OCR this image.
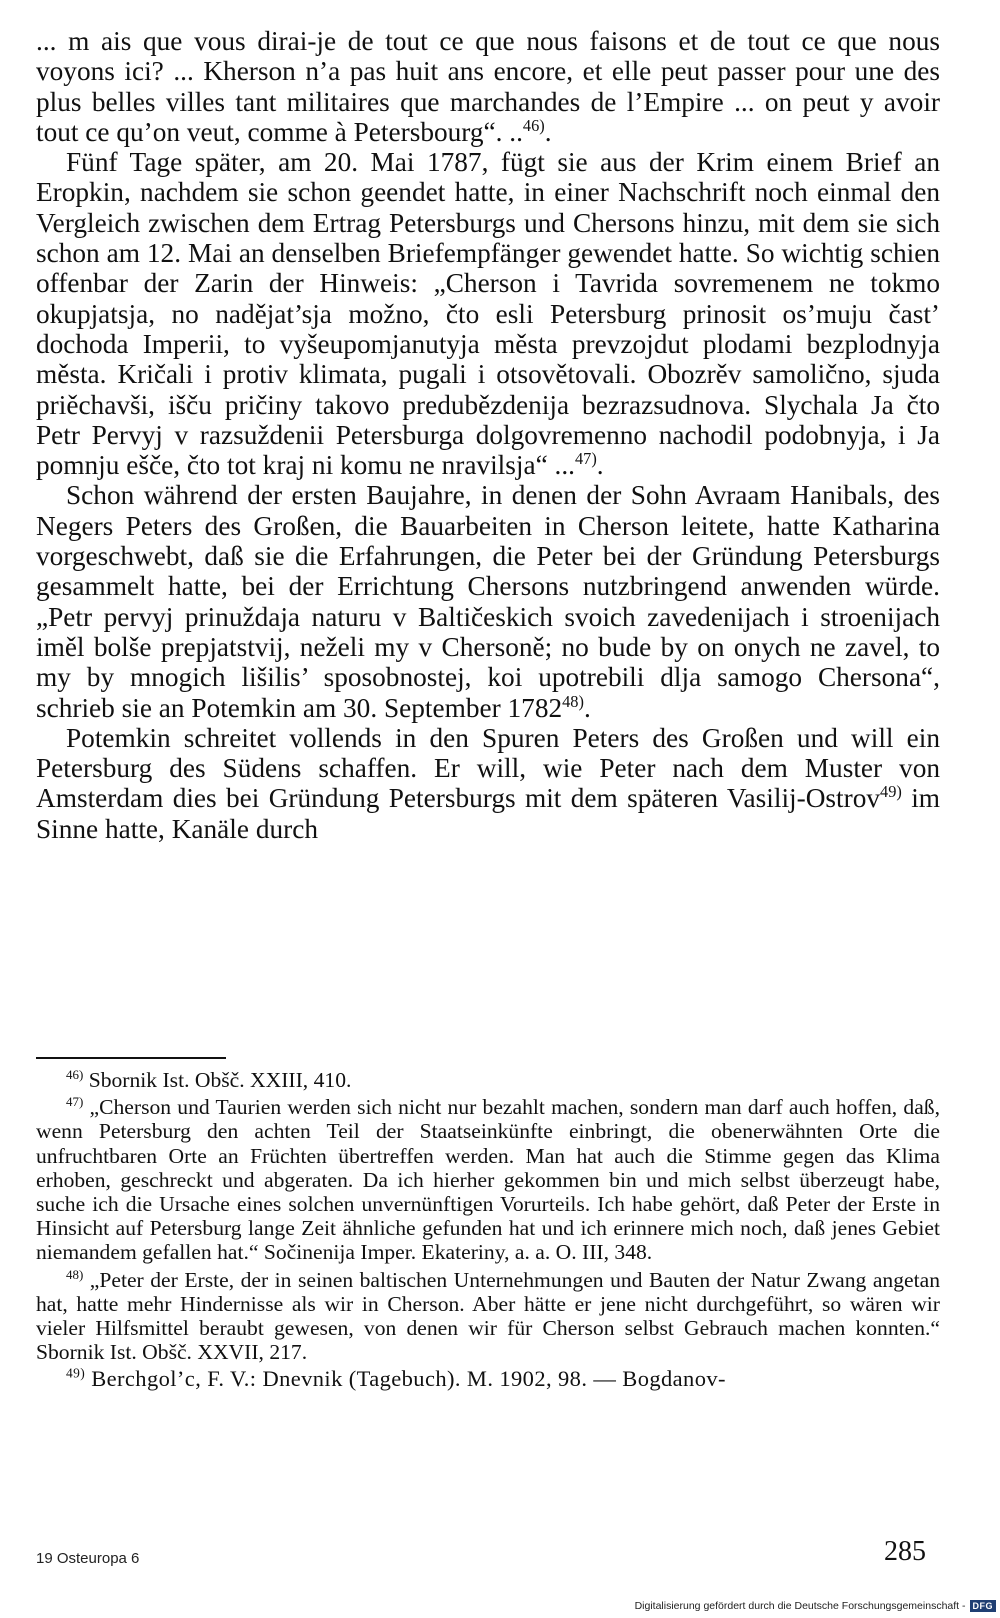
... m ais que vous dirai-je de tout ce que nous faisons et de tout ce que nous voyons ici? ... Kherson n’a pas huit ans encore, et elle peut passer pour une des plus belles villes tant militaires que marchandes de l’Empire ... on peut y avoir tout ce qu’on veut, comme à Petersbourg“. ..$^{46)}$.

Fünf Tage später, am 20. Mai 1787, fügt sie aus der Krim einem Brief an Eropkin, nachdem sie schon geendet hatte, in einer Nachschrift noch einmal den Vergleich zwischen dem Ertrag Petersburgs und Chersons hinzu, mit dem sie sich schon am 12. Mai an denselben Briefempfänger gewendet hatte. So wichtig schien offenbar der Zarin der Hinweis: „Cherson i Tavrida sovremenem ne tokmo okupjatsja, no nadějat’sja možno, čto esli Petersburg prinosit os’muju čast’ dochoda Imperii, to vyšeupomjanutyja města prevzojdut plodami bezplodnyja města. Kričali i protiv klimata, pugali i otsovětovali. Obozrěv samolično, sjuda priěchavši, išču pričiny takovo predubězdenija bezrazsudnova. Slychala Ja čto Petr Pervyj v razsuždenii Petersburga dolgovremenno nachodil podobnyja, i Ja pomnju ešče, čto tot kraj ni komu ne nravilsja“ ...$^{47)}$.

Schon während der ersten Baujahre, in denen der Sohn Avraam Hanibals, des Negers Peters des Großen, die Bauarbeiten in Cherson leitete, hatte Katharina vorgeschwebt, daß sie die Erfahrungen, die Peter bei der Gründung Petersburgs gesammelt hatte, bei der Errichtung Chersons nutzbringend anwenden würde. „Petr pervyj prinuždaja naturu v Baltičeskich svoich zavedenijach i stroenijach iměl bolše prepjatstvij, neželi my v Chersoně; no bude by on onych ne zavel, to my by mnogich lišilis’ sposobnostej, koi upotrebili dlja samogo Chersona“, schrieb sie an Potemkin am 30. September 1782$^{48)}$.

Potemkin schreitet vollends in den Spuren Peters des Großen und will ein Petersburg des Südens schaffen. Er will, wie Peter nach dem Muster von Amsterdam dies bei Gründung Petersburgs mit dem späteren Vasilij-Ostrov$^{49)}$ im Sinne hatte, Kanäle durch

$^{46)}$ Sbornik Ist. Obšč. XXIII, 410.

$^{47)}$ „Cherson und Taurien werden sich nicht nur bezahlt machen, sondern man darf auch hoffen, daß, wenn Petersburg den achten Teil der Staatseinkünfte einbringt, die obenerwähnten Orte die unfruchtbaren Orte an Früchten übertreffen werden. Man hat auch die Stimme gegen das Klima erhoben, geschreckt und abgeraten. Da ich hierher gekommen bin und mich selbst überzeugt habe, suche ich die Ursache eines solchen unvernünftigen Vorurteils. Ich habe gehört, daß Peter der Erste in Hinsicht auf Petersburg lange Zeit ähnliche gefunden hat und ich erinnere mich noch, daß jenes Gebiet niemandem gefallen hat.“ Sočinenija Imper. Ekateriny, a. a. O. III, 348.

$^{48)}$ „Peter der Erste, der in seinen baltischen Unternehmungen und Bauten der Natur Zwang angetan hat, hatte mehr Hindernisse als wir in Cherson. Aber hätte er jene nicht durchgeführt, so wären wir vieler Hilfsmittel beraubt gewesen, von denen wir für Cherson selbst Gebrauch machen konnten.“ Sbornik Ist. Obšč. XXVII, 217.

$^{49)}$ Berchgol’c, F. V.: Dnevnik (Tagebuch). M. 1902, 98. — Bogdanov-

19 Osteuropa 6	285
Digitalisierung gefördert durch die Deutsche Forschungsgemeinschaft - DFG
